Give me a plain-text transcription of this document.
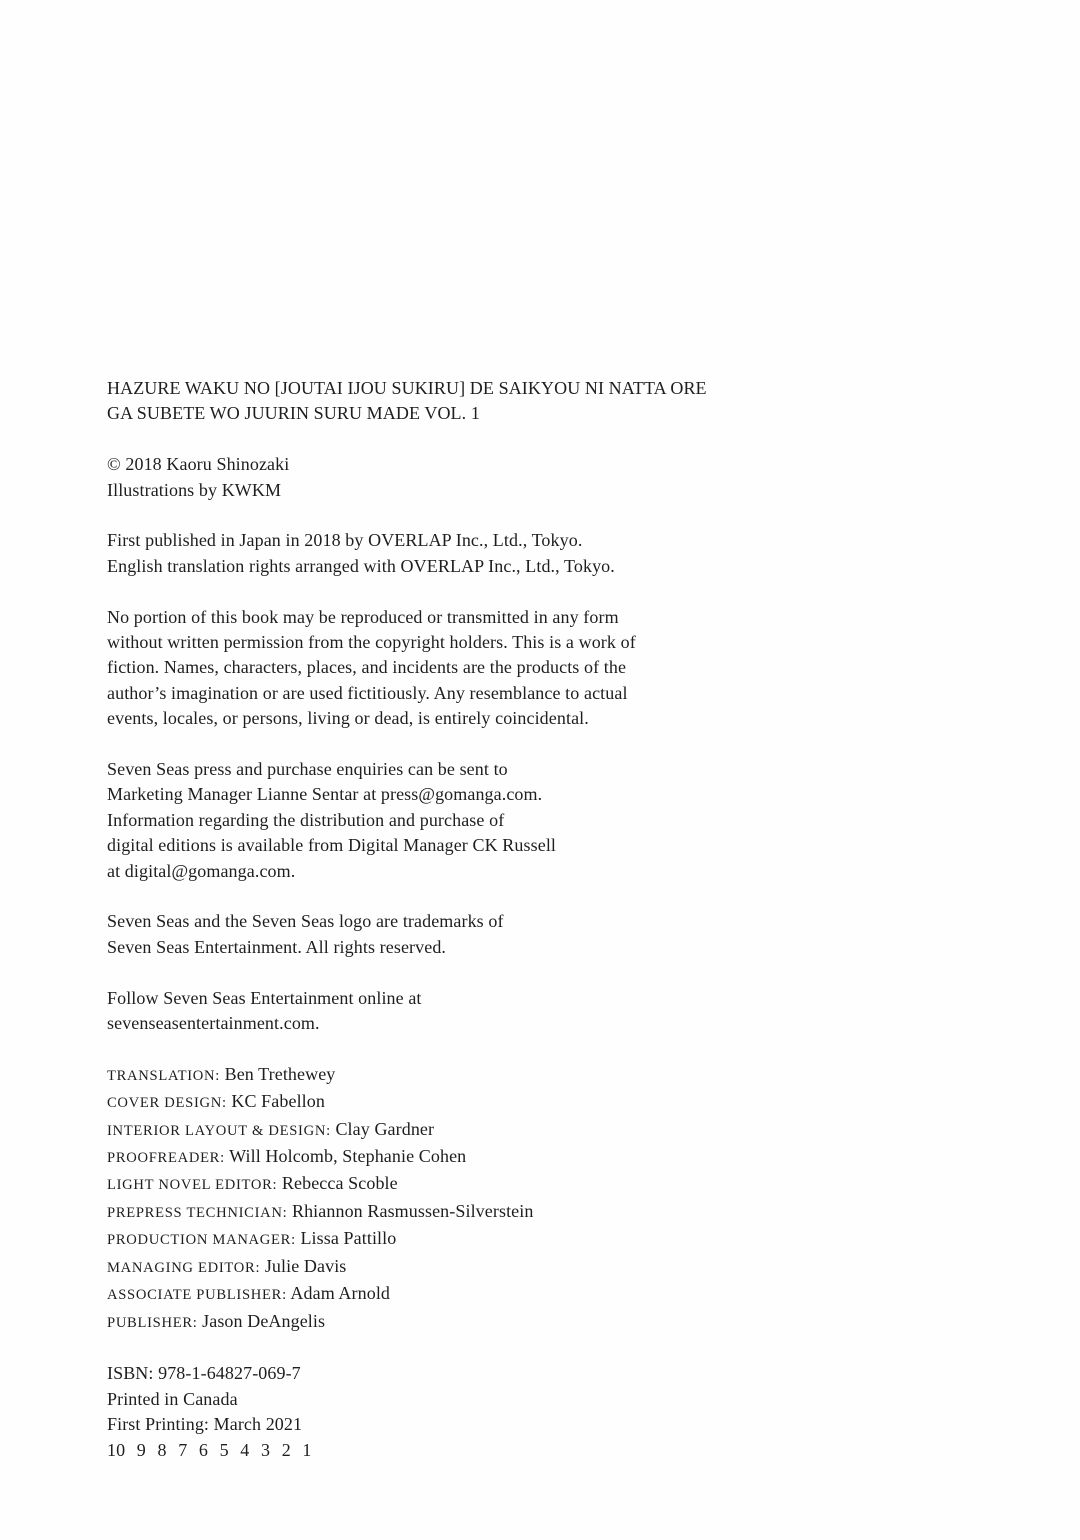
HAZURE WAKU NO [JOUTAI IJOU SUKIRU] DE SAIKYOU NI NATTA ORE
GA SUBETE WO JUURIN SURU MADE VOL. 1

© 2018 Kaoru Shinozaki
Illustrations by KWKM

First published in Japan in 2018 by OVERLAP Inc., Ltd., Tokyo.
English translation rights arranged with OVERLAP Inc., Ltd., Tokyo.

No portion of this book may be reproduced or transmitted in any form
without written permission from the copyright holders. This is a work of
fiction. Names, characters, places, and incidents are the products of the
author’s imagination or are used fictitiously. Any resemblance to actual
events, locales, or persons, living or dead, is entirely coincidental.

Seven Seas press and purchase enquiries can be sent to
Marketing Manager Lianne Sentar at press@gomanga.com.
Information regarding the distribution and purchase of
digital editions is available from Digital Manager CK Russell
at digital@gomanga.com.

Seven Seas and the Seven Seas logo are trademarks of
Seven Seas Entertainment. All rights reserved.

Follow Seven Seas Entertainment online at
sevenseasentertainment.com.

TRANSLATION: Ben Trethewey
COVER DESIGN: KC Fabellon
INTERIOR LAYOUT & DESIGN: Clay Gardner
PROOFREADER: Will Holcomb, Stephanie Cohen
LIGHT NOVEL EDITOR: Rebecca Scoble
PREPRESS TECHNICIAN: Rhiannon Rasmussen-Silverstein
PRODUCTION MANAGER: Lissa Pattillo
MANAGING EDITOR: Julie Davis
ASSOCIATE PUBLISHER: Adam Arnold
PUBLISHER: Jason DeAngelis

ISBN: 978-1-64827-069-7
Printed in Canada
First Printing: March 2021
10 9 8 7 6 5 4 3 2 1
